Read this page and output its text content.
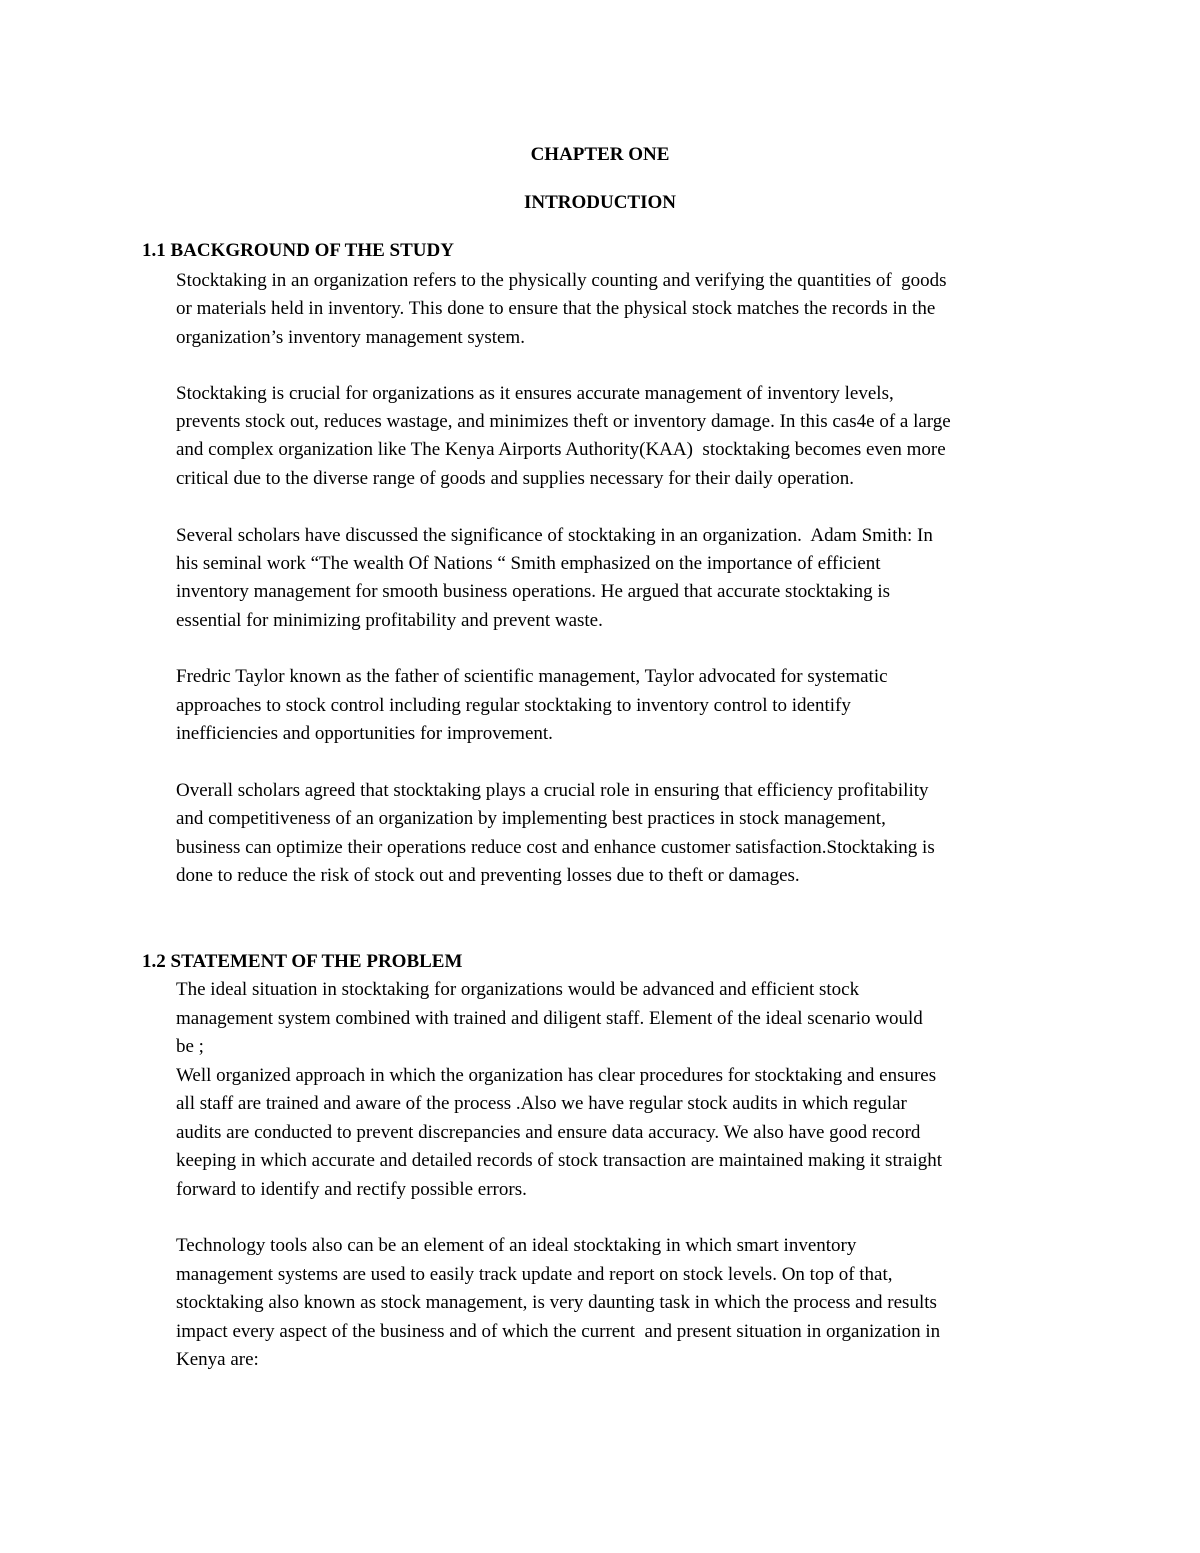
CHAPTER ONE
INTRODUCTION
1.1 BACKGROUND OF THE STUDY
Stocktaking in an organization refers to the physically counting and verifying the quantities of  goods
or materials held in inventory. This done to ensure that the physical stock matches the records in the
organization’s inventory management system.
Stocktaking is crucial for organizations as it ensures accurate management of inventory levels,
prevents stock out, reduces wastage, and minimizes theft or inventory damage. In this cas4e of a large
and complex organization like The Kenya Airports Authority(KAA)  stocktaking becomes even more
critical due to the diverse range of goods and supplies necessary for their daily operation.
Several scholars have discussed the significance of stocktaking in an organization.  Adam Smith: In
his seminal work “The wealth Of Nations “ Smith emphasized on the importance of efficient
inventory management for smooth business operations. He argued that accurate stocktaking is
essential for minimizing profitability and prevent waste.
Fredric Taylor known as the father of scientific management, Taylor advocated for systematic
approaches to stock control including regular stocktaking to inventory control to identify
inefficiencies and opportunities for improvement.
Overall scholars agreed that stocktaking plays a crucial role in ensuring that efficiency profitability
and competitiveness of an organization by implementing best practices in stock management,
business can optimize their operations reduce cost and enhance customer satisfaction.Stocktaking is
done to reduce the risk of stock out and preventing losses due to theft or damages.
1.2 STATEMENT OF THE PROBLEM
The ideal situation in stocktaking for organizations would be advanced and efficient stock
management system combined with trained and diligent staff. Element of the ideal scenario would
be ;
Well organized approach in which the organization has clear procedures for stocktaking and ensures
all staff are trained and aware of the process .Also we have regular stock audits in which regular
audits are conducted to prevent discrepancies and ensure data accuracy. We also have good record
keeping in which accurate and detailed records of stock transaction are maintained making it straight
forward to identify and rectify possible errors.
Technology tools also can be an element of an ideal stocktaking in which smart inventory
management systems are used to easily track update and report on stock levels. On top of that,
stocktaking also known as stock management, is very daunting task in which the process and results
impact every aspect of the business and of which the current  and present situation in organization in
Kenya are:
